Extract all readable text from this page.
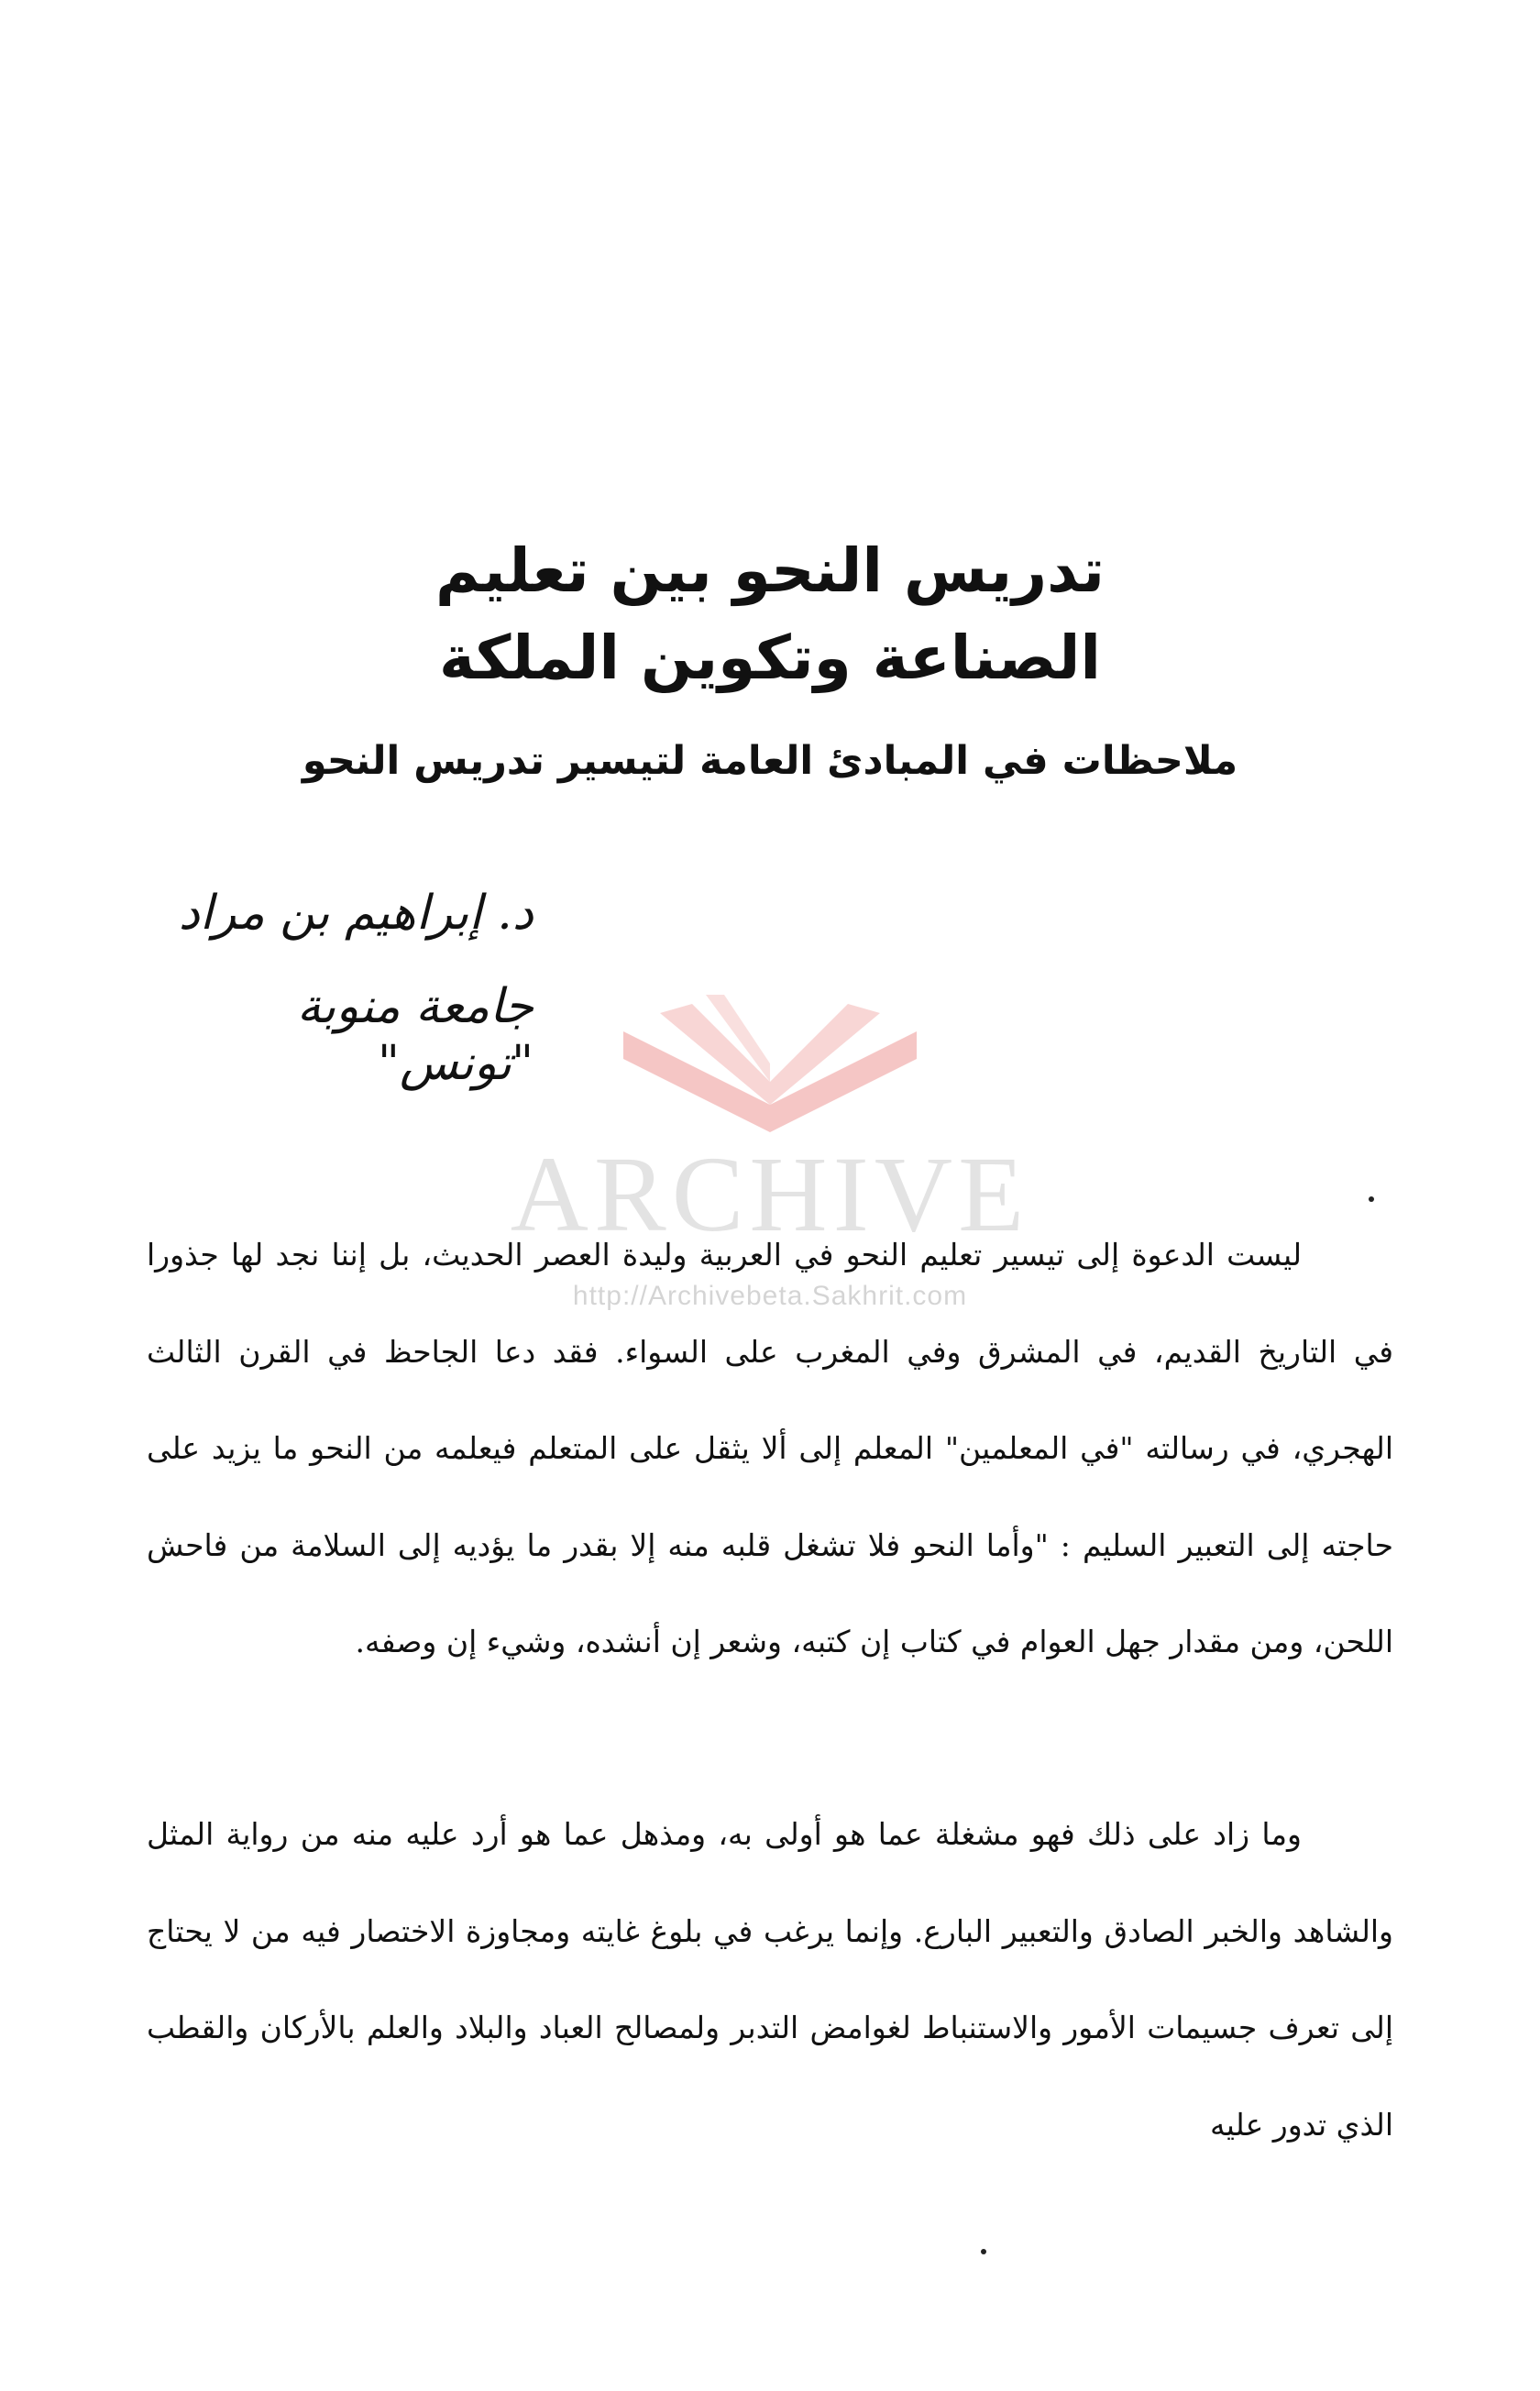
تدريس النحو بين تعليم
الصناعة وتكوين الملكة
ملاحظات في المبادئ العامة لتيسير تدريس النحو
د. إبراهيم بن مراد
جامعة منوبة "تونس"
ARCHIVE
http://Archivebeta.Sakhrit.com
ليست الدعوة إلى تيسير تعليم النحو في العربية وليدة العصر الحديث، بل إننا نجد لها جذورا في التاريخ القديم، في المشرق وفي المغرب على السواء. فقد دعا الجاحظ في القرن الثالث الهجري، في رسالته "في المعلمين" المعلم إلى ألا يثقل على المتعلم فيعلمه من النحو ما يزيد على حاجته إلى التعبير السليم : "وأما النحو فلا تشغل قلبه منه إلا بقدر ما يؤديه إلى السلامة من فاحش اللحن، ومن مقدار جهل العوام في كتاب إن كتبه، وشعر إن أنشده، وشيء إن وصفه.
وما زاد على ذلك فهو مشغلة عما هو أولى به، ومذهل عما هو أرد عليه منه من رواية المثل والشاهد والخبر الصادق والتعبير البارع. وإنما يرغب في بلوغ غايته ومجاوزة الاختصار فيه من لا يحتاج إلى تعرف جسيمات الأمور والاستنباط لغوامض التدبر ولمصالح العباد والبلاد والعلم بالأركان والقطب الذي تدور عليه
